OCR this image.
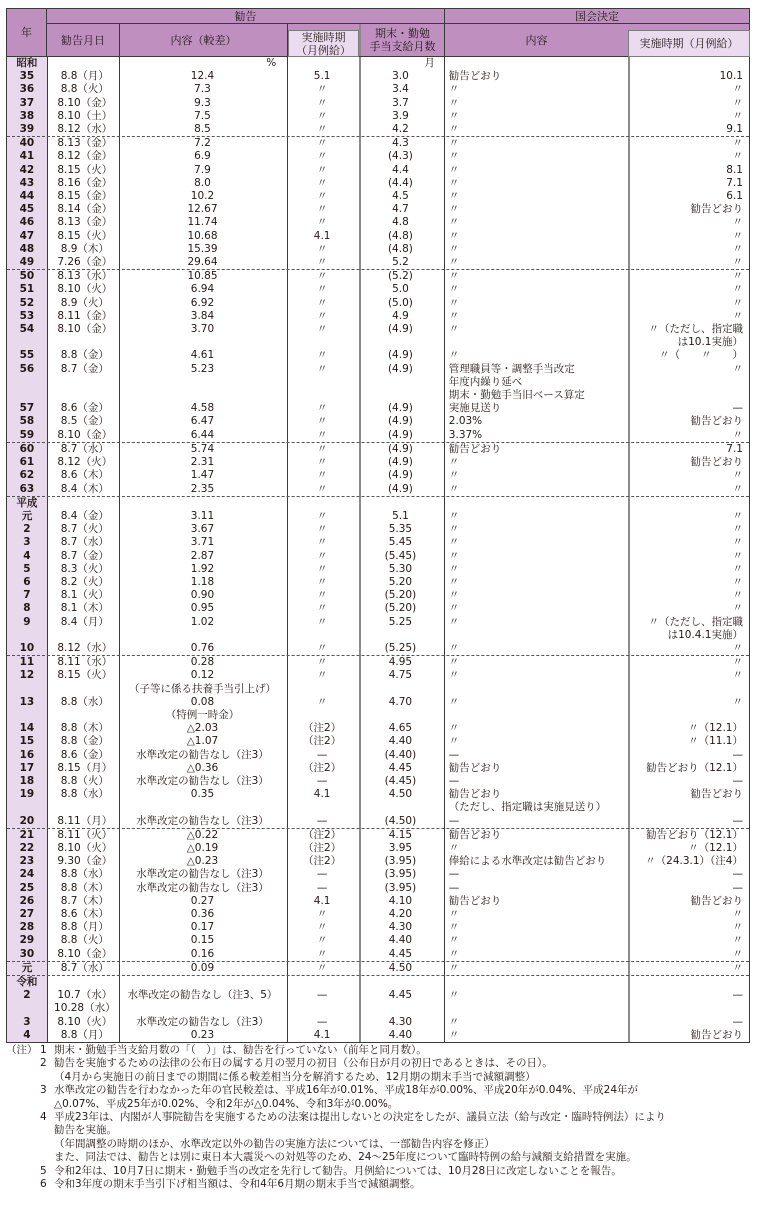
年
勧告
勧告月日	内容（較差）	実施時期
（月例給）
期末・勤勉
手当支給月数
国会決定
内容	実施時期（月例給）
昭和	%	月
35	8.8（月）	12.4	5.1	3.0	勧告どおり	10.1
36	8.8（火）	7.3	〃	3.4	〃	〃
37	8.10（金）	9.3	〃	3.7	〃	〃
38	8.10（土）	7.5	〃	3.9	〃	〃
39	8.12（水）	8.5	〃	4.2	〃	9.1
40	8.13（金）	7.2	〃	4.3	〃	〃
41	8.12（金）	6.9	〃	(4.3)	〃	〃
42	8.15（火）	7.9	〃	4.4	〃	8.1
43	8.16（金）	8.0	〃	(4.4)	〃	7.1
44	8.15（金）	10.2	〃	4.5	〃	6.1
45	8.14（金）	12.67	〃	4.7	〃	勧告どおり
46	8.13（金）	11.74	〃	4.8	〃	〃
47	8.15（火）	10.68	4.1	(4.8)	〃	〃
48	8.9（木）	15.39	〃	(4.8)	〃	〃
49	7.26（金）	29.64	〃	5.2	〃	〃
50	8.13（水）	10.85	〃	(5.2)	〃	〃
51	8.10（火）	6.94	〃	5.0	〃	〃
52	8.9（火）	6.92	〃	(5.0)	〃	〃
53	8.11（金）	3.84	〃	4.9	〃	〃
54	8.10（金）	3.70	〃	(4.9)	〃	〃（ただし、指定職
は10.1実施）
55	8.8（金）	4.61	〃	(4.9)	〃	〃（　　〃　　）
56	8.7（金）	5.23	〃	(4.9)	管理職員等・調整手当改定	〃
年度内繰り延べ
期末・勤勉手当旧ベース算定
57	8.6（金）	4.58	〃	(4.9)	実施見送り	—
58	8.5（金）	6.47	〃	(4.9)	2.03%	勧告どおり
59	8.10（金）	6.44	〃	(4.9)	3.37%	〃
60	8.7（水）	5.74	〃	(4.9)	勧告どおり	7.1
61	8.12（火）	2.31	〃	(4.9)	〃	勧告どおり
62	8.6（木）	1.47	〃	(4.9)	〃	〃
63	8.4（木）	2.35	〃	(4.9)	〃	〃
平成
元	8.4（金）	3.11	〃	5.1	〃	〃
2	8.7（火）	3.67	〃	5.35	〃	〃
3	8.7（水）	3.71	〃	5.45	〃	〃
4	8.7（金）	2.87	〃	(5.45)	〃	〃
5	8.3（火）	1.92	〃	5.30	〃	〃
6	8.2（火）	1.18	〃	5.20	〃	〃
7	8.1（火）	0.90	〃	(5.20)	〃	〃
8	8.1（木）	0.95	〃	(5.20)	〃	〃
9	8.4（月）	1.02	〃	5.25	〃	〃（ただし、指定職
は10.4.1実施）
10	8.12（水）	0.76	〃	(5.25)	〃	〃
11	8.11（水）	0.28	〃	4.95	〃	〃
12	8.15（火）	0.12	〃	4.75	〃	〃
（子等に係る扶養手当引上げ）
13	8.8（水）	0.08	〃	4.70	〃	〃
（特例一時金）
14	8.8（木）	△2.03	（注2）	4.65	〃	〃（12.1）
15	8.8（金）	△1.07	（注2）	4.40	〃	〃（11.1）
16	8.6（金）	水準改定の勧告なし（注3）	—	(4.40)	—	—
17	8.15（月）	△0.36	（注2）	4.45	勧告どおり	勧告どおり（12.1）
18	8.8（火）	水準改定の勧告なし（注3）	—	(4.45)	—	—
19	8.8（水）	0.35	4.1	4.50	勧告どおり	勧告どおり
（ただし、指定職は実施見送り）
20	8.11（月）	水準改定の勧告なし（注3）	—	(4.50)	—	—
21	8.11（火）	△0.22	（注2）	4.15	勧告どおり	勧告どおり（12.1）
22	8.10（火）	△0.19	（注2）	3.95	〃	〃（12.1）
23	9.30（金）	△0.23	（注2）	(3.95)	俸給による水準改定は勧告どおり	〃（24.3.1）（注4）
24	8.8（水）	水準改定の勧告なし（注3）	—	(3.95)	—	—
25	8.8（木）	水準改定の勧告なし（注3）	—	(3.95)	—	—
26	8.7（木）	0.27	4.1	4.10	勧告どおり	勧告どおり
27	8.6（木）	0.36	〃	4.20	〃	〃
28	8.8（月）	0.17	〃	4.30	〃	〃
29	8.8（火）	0.15	〃	4.40	〃	〃
30	8.10（金）	0.16	〃	4.45	〃	〃
元	8.7（水）	0.09	〃	4.50	〃	〃
令和
2	10.7（水）	水準改定の勧告なし（注3、5）	—	4.45	〃	—
10.28（水）
3	8.10（火）	水準改定の勧告なし（注3）	—	4.30	〃	—
4	8.8（月）	0.23	4.1	4.40	〃	勧告どおり
（注） 1 期末・勤勉手当支給月数の「（　）」は、勧告を行っていない（前年と同月数）。
2 勧告を実施するための法律の公布日の属する月の翌月の初日（公布日が月の初日であるときは、その日）。
（4月から実施日の前日までの期間に係る較差相当分を解消するため、12月期の期末手当で減額調整）
3 水準改定の勧告を行わなかった年の官民較差は、平成16年が0.01%、平成18年が0.00%、平成20年が0.04%、平成24年が
△0.07%、平成25年が0.02%、令和2年が△0.04%、令和3年が0.00%。
4 平成23年は、内閣が人事院勧告を実施するための法案は提出しないとの決定をしたが、議員立法（給与改定・臨時特例法）により
勧告を実施。
（年間調整の時期のほか、水準改定以外の勧告の実施方法については、一部勧告内容を修正）
また、同法では、勧告とは別に東日本大震災への対処等のため、24～25年度について臨時特例の給与減額支給措置を実施。
5 令和2年は、10月7日に期末・勤勉手当の改定を先行して勧告。月例給については、10月28日に改定しないことを報告。
6 令和3年度の期末手当引下げ相当額は、令和4年6月期の期末手当で減額調整。
